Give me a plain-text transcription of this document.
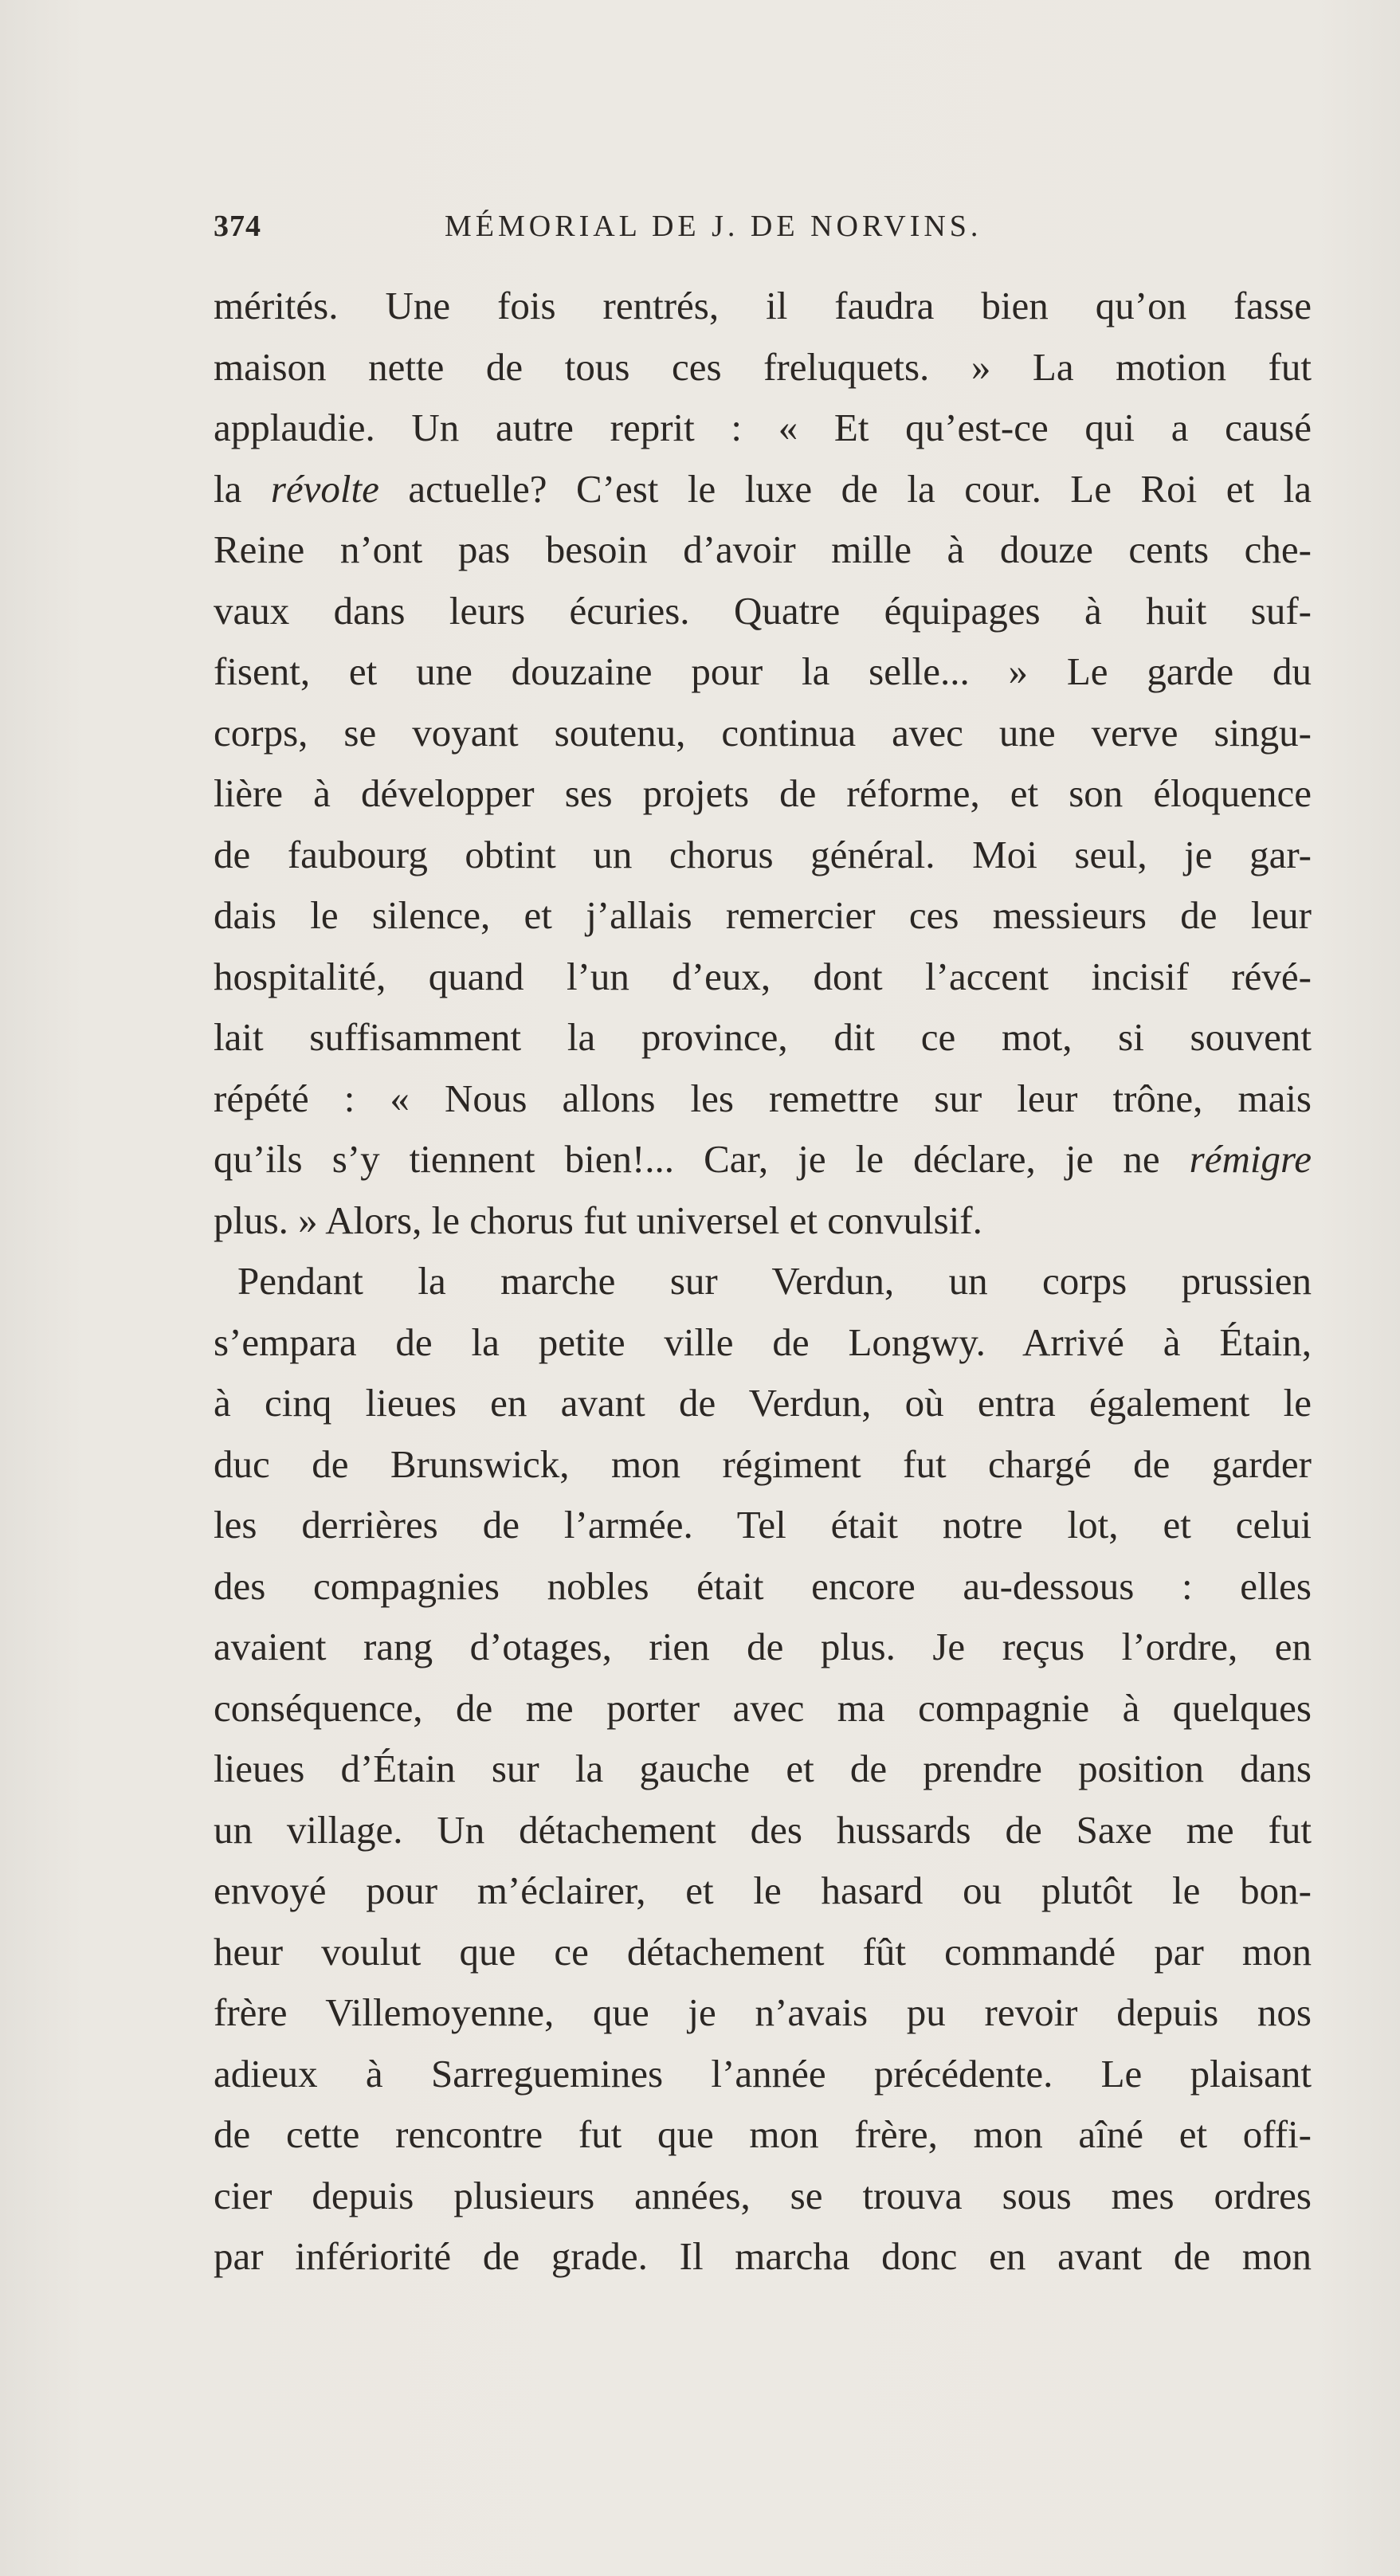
374	MÉMORIAL DE J. DE NORVINS.
mérités. Une fois rentrés, il faudra bien qu’on fasse
maison nette de tous ces freluquets. » La motion fut
applaudie. Un autre reprit : « Et qu’est-ce qui a causé
la révolte actuelle? C’est le luxe de la cour. Le Roi et la
Reine n’ont pas besoin d’avoir mille à douze cents che-
vaux dans leurs écuries. Quatre équipages à huit suf-
fisent, et une douzaine pour la selle... » Le garde du
corps, se voyant soutenu, continua avec une verve singu-
lière à développer ses projets de réforme, et son éloquence
de faubourg obtint un chorus général. Moi seul, je gar-
dais le silence, et j’allais remercier ces messieurs de leur
hospitalité, quand l’un d’eux, dont l’accent incisif révé-
lait suffisamment la province, dit ce mot, si souvent
répété : « Nous allons les remettre sur leur trône, mais
qu’ils s’y tiennent bien!... Car, je le déclare, je ne rémigre
plus. » Alors, le chorus fut universel et convulsif.
Pendant la marche sur Verdun, un corps prussien
s’empara de la petite ville de Longwy. Arrivé à Étain,
à cinq lieues en avant de Verdun, où entra également le
duc de Brunswick, mon régiment fut chargé de garder
les derrières de l’armée. Tel était notre lot, et celui
des compagnies nobles était encore au-dessous : elles
avaient rang d’otages, rien de plus. Je reçus l’ordre, en
conséquence, de me porter avec ma compagnie à quelques
lieues d’Étain sur la gauche et de prendre position dans
un village. Un détachement des hussards de Saxe me fut
envoyé pour m’éclairer, et le hasard ou plutôt le bon-
heur voulut que ce détachement fût commandé par mon
frère Villemoyenne, que je n’avais pu revoir depuis nos
adieux à Sarreguemines l’année précédente. Le plaisant
de cette rencontre fut que mon frère, mon aîné et offi-
cier depuis plusieurs années, se trouva sous mes ordres
par infériorité de grade. Il marcha donc en avant de mon
